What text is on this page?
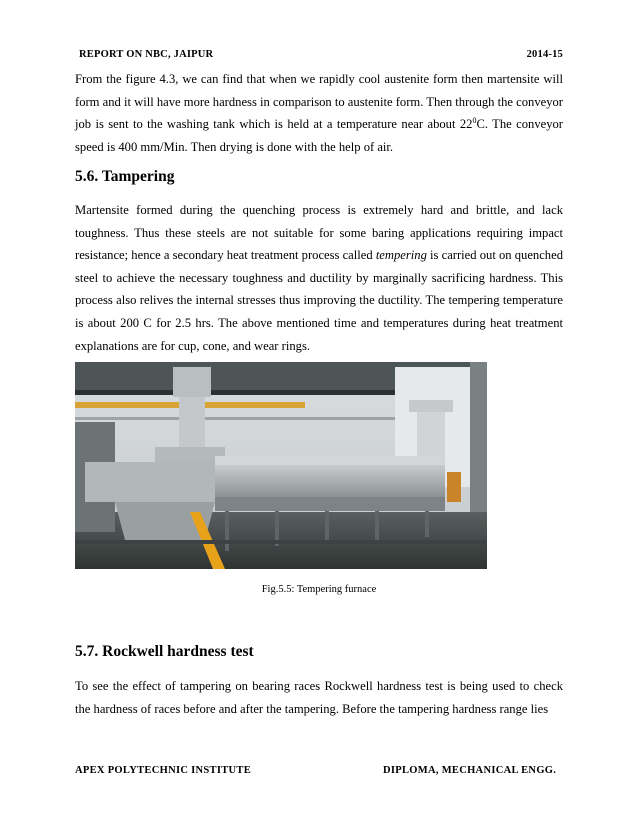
REPORT ON NBC, JAIPUR	2014-15
From the figure 4.3, we can find that when we rapidly cool austenite form then martensite will form and it will have more hardness in comparison to austenite form. Then through the conveyor job is sent to the washing tank which is held at a temperature near about $22^0C$. The conveyor speed is 400 mm/Min. Then drying is done with the help of air.
5.6. Tampering
Martensite formed during the quenching process is extremely hard and brittle, and lack toughness. Thus these steels are not suitable for some baring applications requiring impact resistance; hence a secondary heat treatment process called tempering is carried out on quenched steel to achieve the necessary toughness and ductility by marginally sacrificing hardness. This process also relives the internal stresses thus improving the ductility. The tempering temperature is about 200 C for 2.5 hrs. The above mentioned time and temperatures during heat treatment explanations are for cup, cone, and wear rings.
Fig.5.5: Tempering furnace
5.7. Rockwell hardness test
To see the effect of tampering on bearing races Rockwell hardness test is being used to check the hardness of races before and after the tampering. Before the tampering hardness range lies
APEX POLYTECHNIC INSTITUTE	DIPLOMA, MECHANICAL ENGG.
